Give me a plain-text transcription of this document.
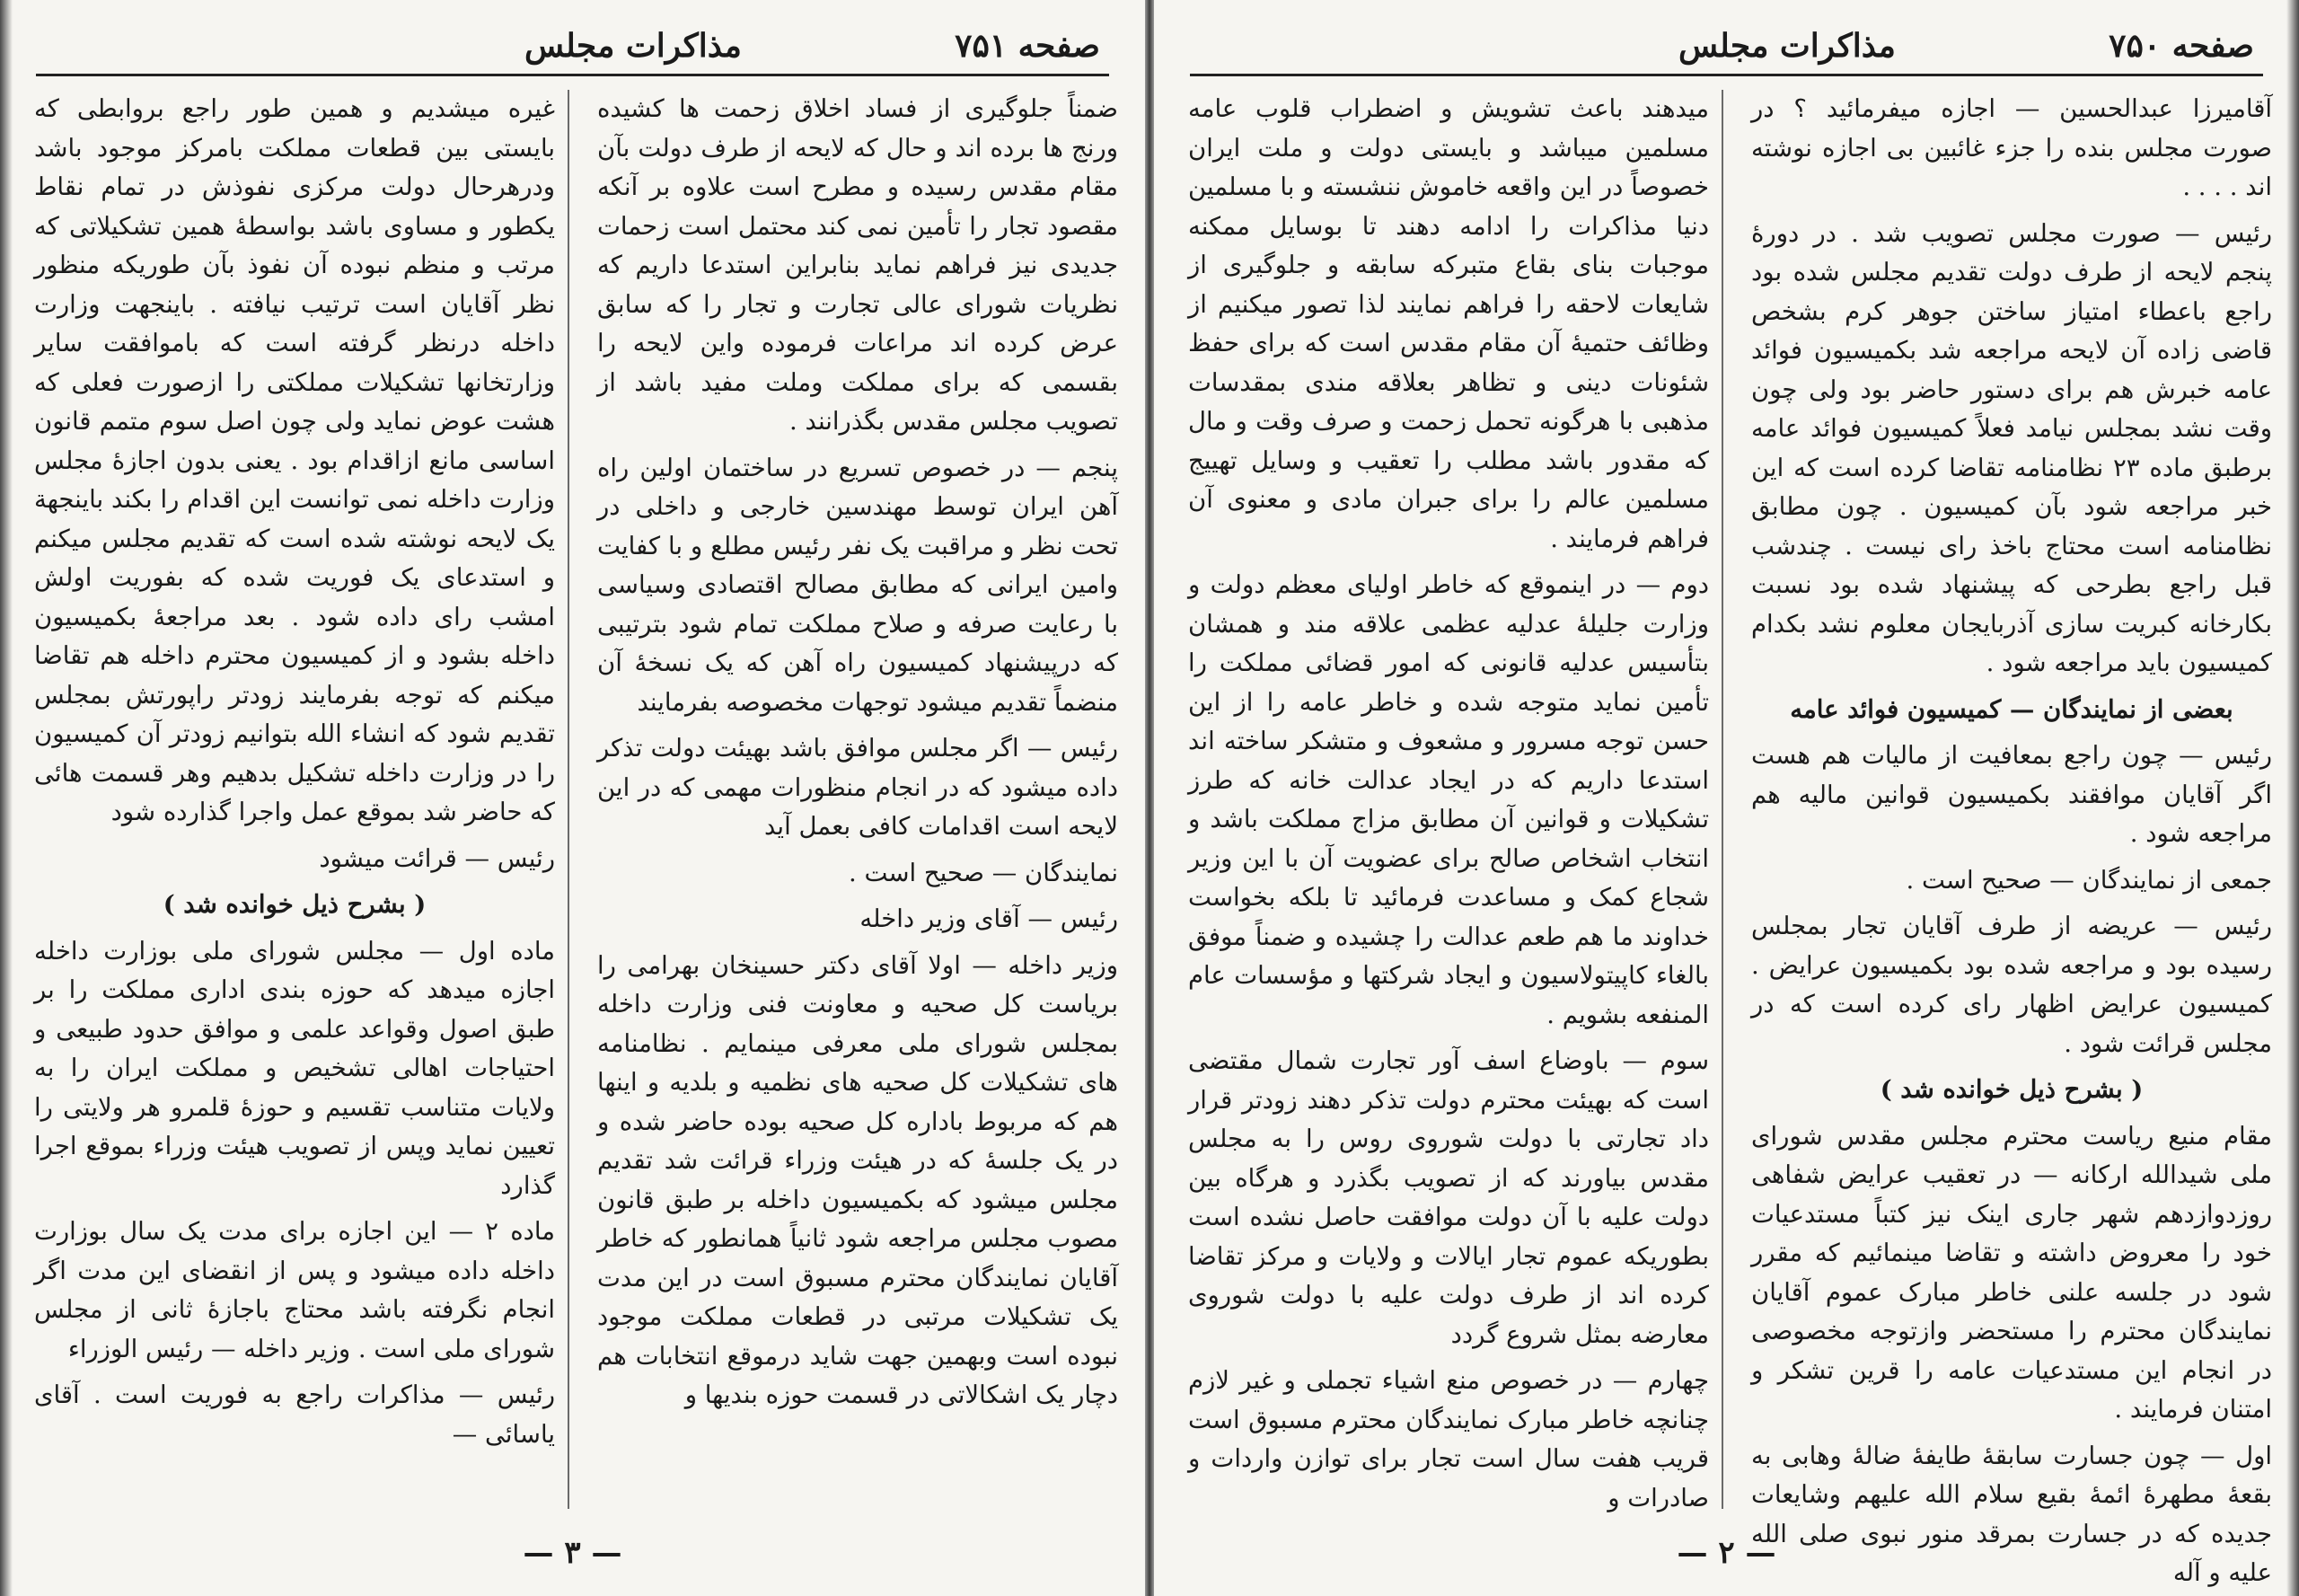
صفحه ۷۵۱
مذاکرات مجلس

ضمناً جلوگیری از فساد اخلاق زحمت ها کشیده ورنج ها برده اند و حال که لایحه از طرف دولت بآن مقام مقدس رسیده و مطرح است علاوه بر آنکه مقصود تجار را تأمین نمی کند محتمل است زحمات جدیدی نیز فراهم نماید بنابراین استدعا داریم که نظریات شورای عالی تجارت و تجار را که سابق عرض کرده اند مراعات فرموده واین لایحه را بقسمی که برای مملکت وملت مفید باشد از تصویب مجلس مقدس بگذرانند .

پنجم — در خصوص تسریع در ساختمان اولین راه آهن ایران توسط مهندسین خارجی و داخلی در تحت نظر و مراقبت یک نفر رئیس مطلع و با کفایت وامین ایرانی که مطابق مصالح اقتصادی وسیاسی با رعایت صرفه و صلاح مملکت تمام شود بترتیبی که درپیشنهاد کمیسیون راه آهن که یک نسخهٔ آن منضماً تقدیم میشود توجهات مخصوصه بفرمایند

رئیس — اگر مجلس موافق باشد بهیئت دولت تذکر داده میشود که در انجام منظورات مهمی که در این لایحه است اقدامات کافی بعمل آید

نمایندگان — صحیح است .

رئیس — آقای وزیر داخله

وزیر داخله — اولا آقای دکتر حسینخان بهرامی را بریاست کل صحیه و معاونت فنی وزارت داخله بمجلس شورای ملی معرفی مینمایم . نظامنامه های تشکیلات کل صحیه های نظمیه و بلدیه و اینها هم که مربوط باداره کل صحیه بوده حاضر شده و در یک جلسهٔ که در هیئت وزراء قرائت شد تقدیم مجلس میشود که بکمیسیون داخله بر طبق قانون مصوب مجلس مراجعه شود ثانیاً همانطور که خاطر آقایان نمایندگان محترم مسبوق است در این مدت یک تشکیلات مرتبی در قطعات مملکت موجود نبوده است وبهمین جهت شاید درموقع انتخابات هم دچار یک اشکالاتی در قسمت حوزه بندیها و

غیره میشدیم و همین طور راجع بروابطی که بایستی بین قطعات مملکت بامرکز موجود باشد ودرهرحال دولت مرکزی نفوذش در تمام نقاط یکطور و مساوی باشد بواسطهٔ همین تشکیلاتی که مرتب و منظم نبوده آن نفوذ بآن طوریکه منظور نظر آقایان است ترتیب نیافته . باینجهت وزارت داخله درنظر گرفته است که باموافقت سایر وزارتخانها تشکیلات مملکتی را ازصورت فعلی که هشت عوض نماید ولی چون اصل سوم متمم قانون اساسی مانع ازاقدام بود . یعنی بدون اجازهٔ مجلس وزارت داخله نمی توانست این اقدام را بکند باینجهة یک لایحه نوشته شده است که تقدیم مجلس میکنم و استدعای یک فوریت شده که بفوریت اولش امشب رای داده شود . بعد مراجعهٔ بکمیسیون داخله بشود و از کمیسیون محترم داخله هم تقاضا میکنم که توجه بفرمایند زودتر راپورتش بمجلس تقدیم شود که انشاء الله بتوانیم زودتر آن کمیسیون را در وزارت داخله تشکیل بدهیم وهر قسمت هائی که حاضر شد بموقع عمل واجرا گذارده شود

رئیس — قرائت میشود

( بشرح ذیل خوانده شد )

ماده اول — مجلس شورای ملی بوزارت داخله اجازه میدهد که حوزه بندی اداری مملکت را بر طبق اصول وقواعد علمی و موافق حدود طبیعی و احتیاجات اهالی تشخیص و مملکت ایران را به ولایات متناسب تقسیم و حوزهٔ قلمرو هر ولایتی را تعیین نماید وپس از تصویب هیئت وزراء بموقع اجرا گذارد

ماده ۲ — این اجازه برای مدت یک سال بوزارت داخله داده میشود و پس از انقضای این مدت اگر انجام نگرفته باشد محتاج باجازهٔ ثانی از مجلس شورای ملی است . وزیر داخله — رئیس الوزراء

رئیس — مذاکرات راجع به فوریت است . آقای یاسائی —

— ۳ —
صفحه ۷۵۰
مذاکرات مجلس

آقامیرزا عبدالحسین — اجازه میفرمائید ؟ در صورت مجلس بنده را جزء غائبین بی اجازه نوشته اند . . . .

رئیس — صورت مجلس تصویب شد . در دورهٔ پنجم لایحه از طرف دولت تقدیم مجلس شده بود راجع باعطاء امتیاز ساختن جوهر کرم بشخص قاضی زاده آن لایحه مراجعه شد بکمیسیون فوائد عامه خبرش هم برای دستور حاضر بود ولی چون وقت نشد بمجلس نیامد فعلاً کمیسیون فوائد عامه برطبق ماده ۲۳ نظامنامه تقاضا کرده است که این خبر مراجعه شود بآن کمیسیون . چون مطابق نظامنامه است محتاج باخذ رای نیست . چندشب قبل راجع بطرحی که پیشنهاد شده بود نسبت بکارخانه کبریت سازی آذربایجان معلوم نشد بکدام کمیسیون باید مراجعه شود .

بعضی از نمایندگان — کمیسیون فوائد عامه

رئیس — چون راجع بمعافیت از مالیات هم هست اگر آقایان موافقند بکمیسیون قوانین مالیه هم مراجعه شود .

جمعی از نمایندگان — صحیح است .

رئیس — عریضه از طرف آقایان تجار بمجلس رسیده بود و مراجعه شده بود بکمیسیون عرایض . کمیسیون عرایض اظهار رای کرده است که در مجلس قرائت شود .

( بشرح ذیل خوانده شد )

مقام منیع ریاست محترم مجلس مقدس شورای ملی شیدالله ارکانه — در تعقیب عرایض شفاهی روزدوازدهم شهر جاری اینک نیز کتباً مستدعیات خود را معروض داشته و تقاضا مینمائیم که مقرر شود در جلسه علنی خاطر مبارک عموم آقایان نمایندگان محترم را مستحضر وازتوجه مخصوصی در انجام این مستدعیات عامه را قرین تشکر و امتنان فرمایند .

اول — چون جسارت سابقهٔ طایفهٔ ضالهٔ وهابی به بقعهٔ مطهرهٔ ائمهٔ بقیع سلام الله علیهم وشایعات جدیده که در جسارت بمرقد منور نبوی صلی الله علیه و آله

میدهند باعث تشویش و اضطراب قلوب عامه مسلمین میباشد و بایستی دولت و ملت ایران خصوصاً در این واقعه خاموش ننشسته و با مسلمین دنیا مذاکرات را ادامه دهند تا بوسایل ممکنه موجبات بنای بقاع متبرکه سابقه و جلوگیری از شایعات لاحقه را فراهم نمایند لذا تصور میکنیم از وظائف حتمیهٔ آن مقام مقدس است که برای حفظ شئونات دینی و تظاهر بعلاقه مندی بمقدسات مذهبی با هرگونه تحمل زحمت و صرف وقت و مال که مقدور باشد مطلب را تعقیب و وسایل تهییج مسلمین عالم را برای جبران مادی و معنوی آن فراهم فرمایند .

دوم — در اینموقع که خاطر اولیای معظم دولت و وزارت جلیلهٔ عدلیه عظمی علاقه مند و همشان بتأسیس عدلیه قانونی که امور قضائی مملکت را تأمین نماید متوجه شده و خاطر عامه را از این حسن توجه مسرور و مشعوف و متشکر ساخته اند استدعا داریم که در ایجاد عدالت خانه که طرز تشکیلات و قوانین آن مطابق مزاج مملکت باشد و انتخاب اشخاص صالح برای عضویت آن با این وزیر شجاع کمک و مساعدت فرمائید تا بلکه بخواست خداوند ما هم طعم عدالت را چشیده و ضمناً موفق بالغاء کاپیتولاسیون و ایجاد شرکتها و مؤسسات عام المنفعه بشویم .

سوم — باوضاع اسف آور تجارت شمال مقتضی است که بهیئت محترم دولت تذکر دهند زودتر قرار داد تجارتی با دولت شوروی روس را به مجلس مقدس بیاورند که از تصویب بگذرد و هرگاه بین دولت علیه با آن دولت موافقت حاصل نشده است بطوریکه عموم تجار ایالات و ولایات و مرکز تقاضا کرده اند از طرف دولت علیه با دولت شوروی معارضه بمثل شروع گردد

چهارم — در خصوص منع اشیاء تجملی و غیر لازم چنانچه خاطر مبارک نمایندگان محترم مسبوق است قریب هفت سال است تجار برای توازن واردات و صادرات و

— ۲ —
